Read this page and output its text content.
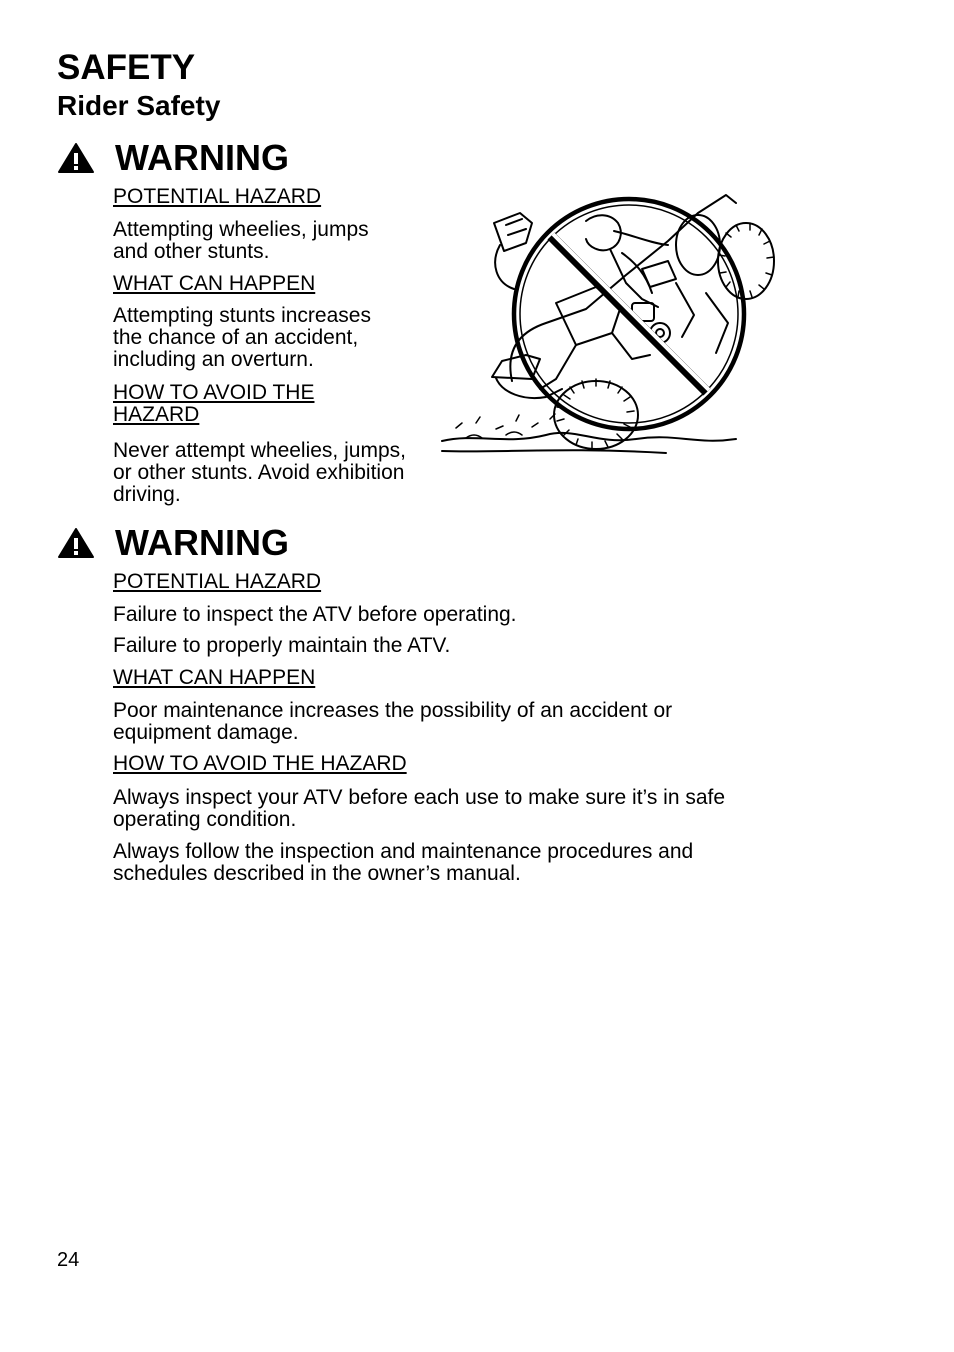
SAFETY
Rider Safety
WARNING

POTENTIAL HAZARD

Attempting wheelies, jumps and other stunts.

WHAT CAN HAPPEN

Attempting stunts increases the chance of an accident, including an overturn.

HOW TO AVOID THE HAZARD

Never attempt wheelies, jumps, or other stunts. Avoid exhibition driving.

WARNING

POTENTIAL HAZARD

Failure to inspect the ATV before operating.

Failure to properly maintain the ATV.

WHAT CAN HAPPEN

Poor maintenance increases the possibility of an accident or equipment damage.

HOW TO AVOID THE HAZARD

Always inspect your ATV before each use to make sure it’s in safe operating condition.

Always follow the inspection and maintenance procedures and schedules described in the owner’s manual.

24
